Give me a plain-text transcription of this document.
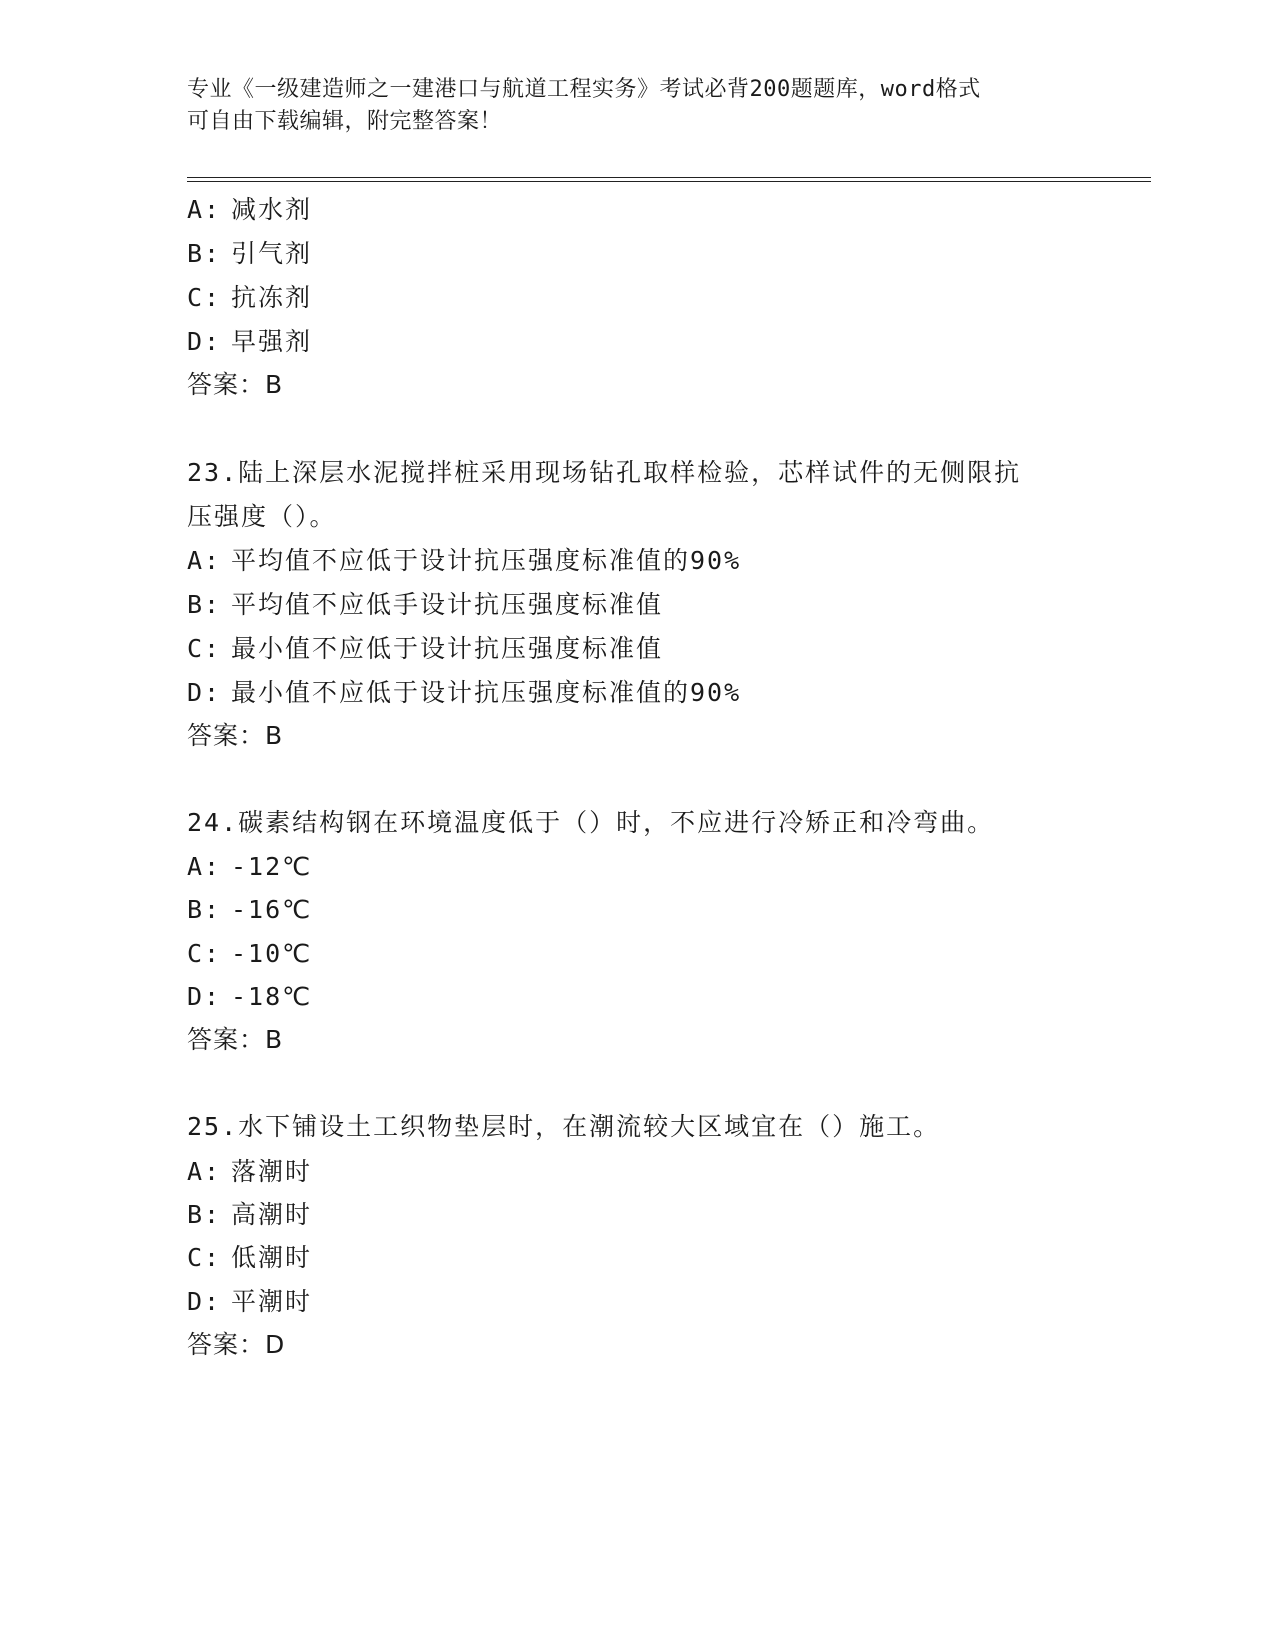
专业《一级建造师之一建港口与航道工程实务》考试必背200题题库，word格式
可自由下载编辑，附完整答案！
A: 减水剂
B: 引气剂
C: 抗冻剂
D: 早强剂
答案：B
23.陆上深层水泥搅拌桩采用现场钻孔取样检验，芯样试件的无侧限抗
压强度（）。
A: 平均值不应低于设计抗压强度标准值的90%
B: 平均值不应低手设计抗压强度标准值
C: 最小值不应低于设计抗压强度标准值
D: 最小值不应低于设计抗压强度标准值的90%
答案：B
24.碳素结构钢在环境温度低于（）时，不应进行冷矫正和冷弯曲。
A: -12℃
B: -16℃
C: -10℃
D: -18℃
答案：B
25.水下铺设土工织物垫层时，在潮流较大区域宜在（）施工。
A: 落潮时
B: 高潮时
C: 低潮时
D: 平潮时
答案：D
